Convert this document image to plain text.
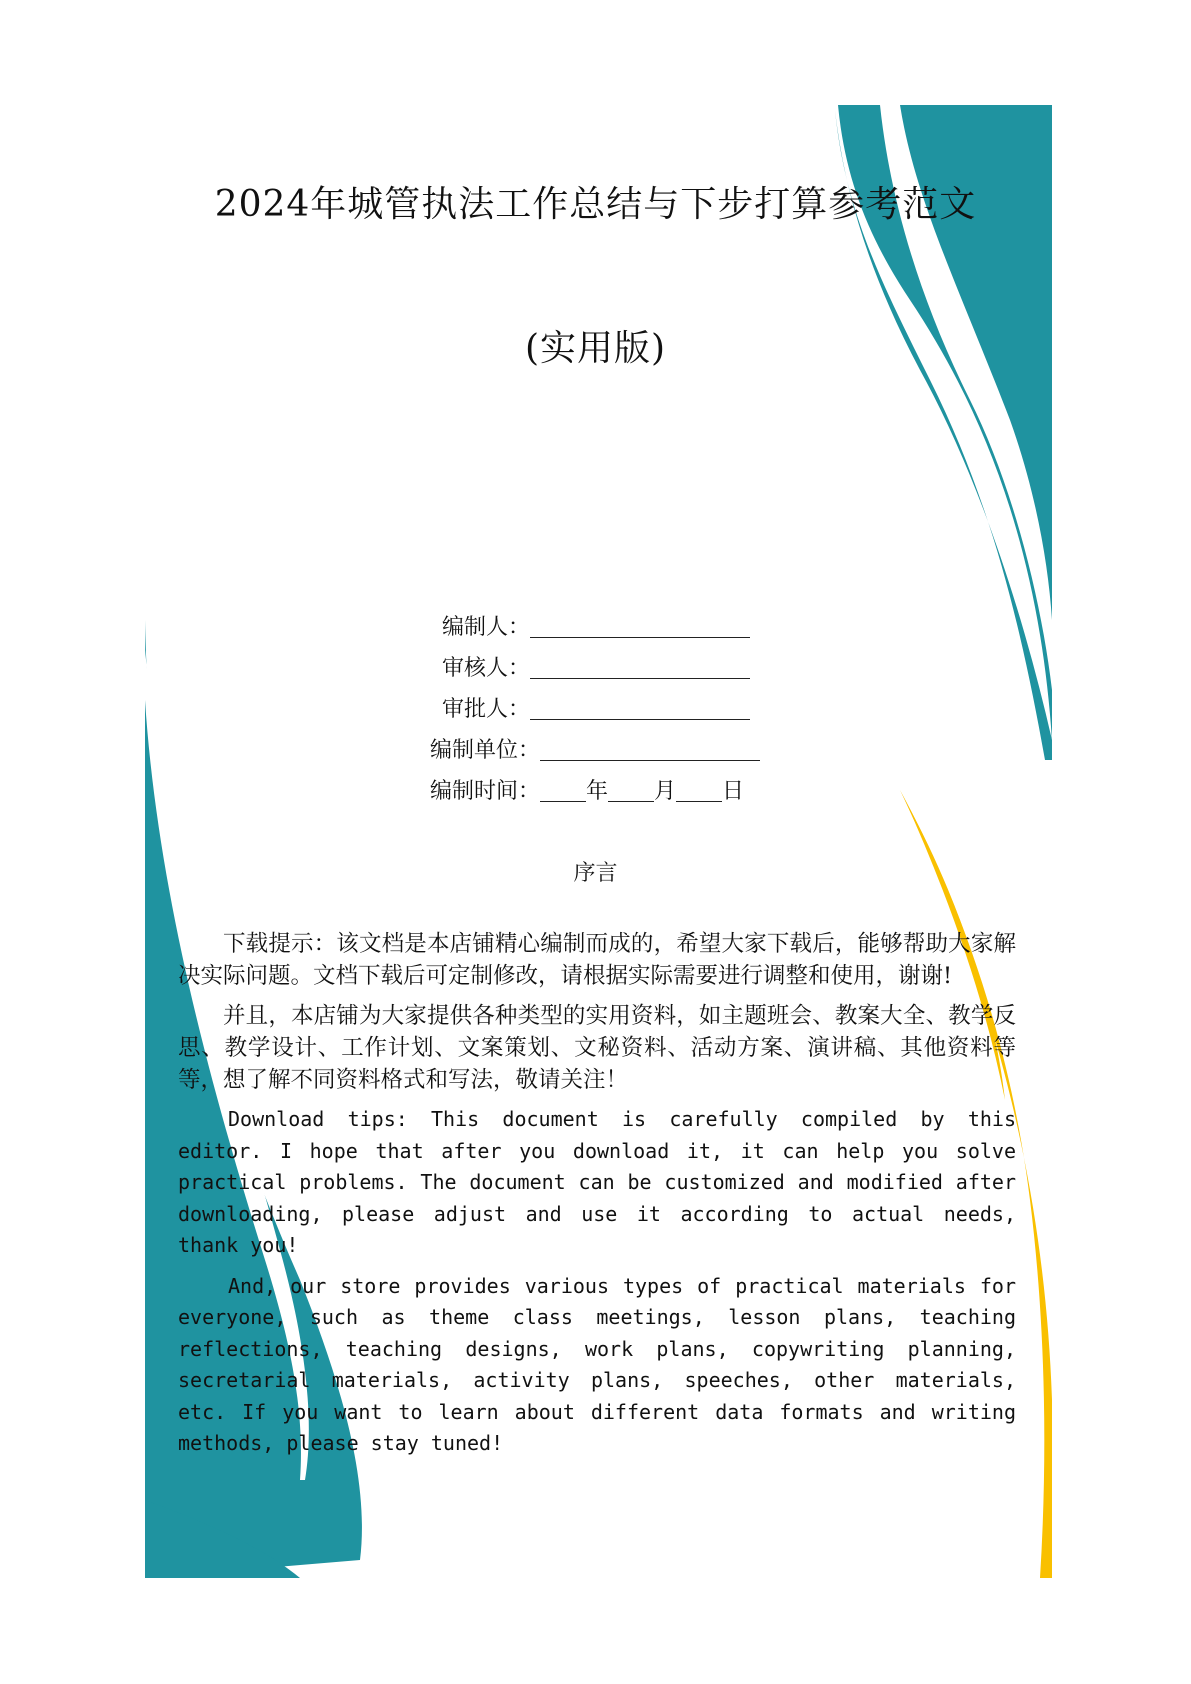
2024年城管执法工作总结与下步打算参考范文
(实用版)
编制人：
审核人：
审批人：
编制单位：
编制时间： 年 月 日
序言

下载提示：该文档是本店铺精心编制而成的，希望大家下载后，能够帮助大家解决实际问题。文档下载后可定制修改，请根据实际需要进行调整和使用，谢谢!

并且，本店铺为大家提供各种类型的实用资料，如主题班会、教案大全、教学反思、教学设计、工作计划、文案策划、文秘资料、活动方案、演讲稿、其他资料等等，想了解不同资料格式和写法，敬请关注！

Download tips: This document is carefully compiled by this editor. I hope that after you download it, it can help you solve practical problems. The document can be customized and modified after downloading, please adjust and use it according to actual needs, thank you!

And, our store provides various types of practical materials for everyone, such as theme class meetings, lesson plans, teaching reflections, teaching designs, work plans, copywriting planning, secretarial materials, activity plans, speeches, other materials, etc. If you want to learn about different data formats and writing methods, please stay tuned!
